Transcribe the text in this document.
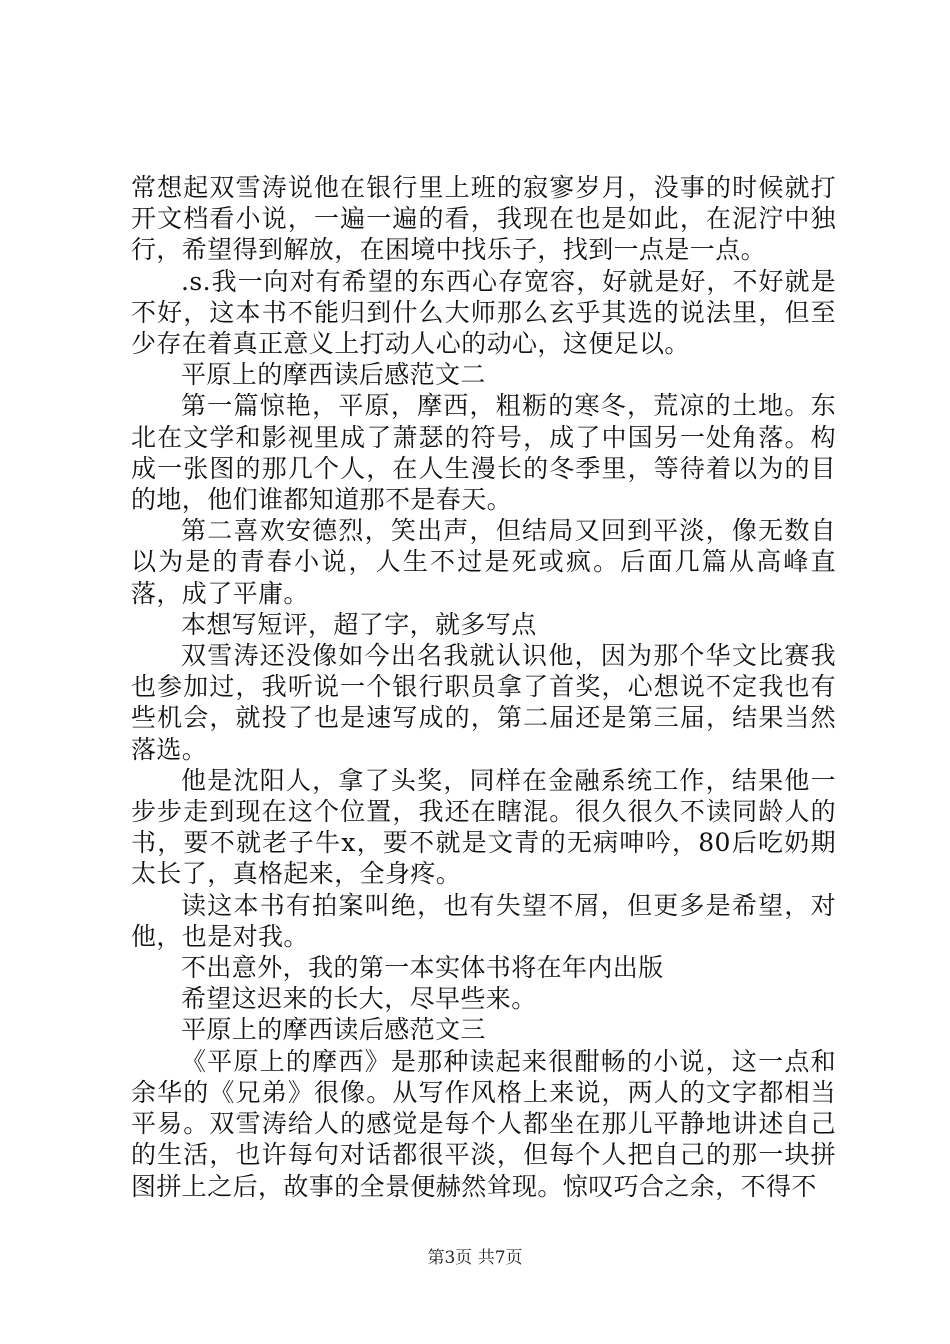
常想起双雪涛说他在银行里上班的寂寥岁月，没事的时候就打开文档看小说，一遍一遍的看，我现在也是如此，在泥泞中独行，希望得到解放，在困境中找乐子，找到一点是一点。

.s.我一向对有希望的东西心存宽容，好就是好，不好就是不好，这本书不能归到什么大师那么玄乎其选的说法里，但至少存在着真正意义上打动人心的动心，这便足以。

平原上的摩西读后感范文二

第一篇惊艳，平原，摩西，粗粝的寒冬，荒凉的土地。东北在文学和影视里成了萧瑟的符号，成了中国另一处角落。构成一张图的那几个人，在人生漫长的冬季里，等待着以为的目的地，他们谁都知道那不是春天。

第二喜欢安德烈，笑出声，但结局又回到平淡，像无数自以为是的青春小说，人生不过是死或疯。后面几篇从高峰直落，成了平庸。

本想写短评，超了字，就多写点

双雪涛还没像如今出名我就认识他，因为那个华文比赛我也参加过，我听说一个银行职员拿了首奖，心想说不定我也有些机会，就投了也是速写成的，第二届还是第三届，结果当然落选。

他是沈阳人，拿了头奖，同样在金融系统工作，结果他一步步走到现在这个位置，我还在瞎混。很久很久不读同龄人的书，要不就老子牛x，要不就是文青的无病呻吟，80后吃奶期太长了，真格起来，全身疼。

读这本书有拍案叫绝，也有失望不屑，但更多是希望，对他，也是对我。

不出意外，我的第一本实体书将在年内出版

希望这迟来的长大，尽早些来。

平原上的摩西读后感范文三

《平原上的摩西》是那种读起来很酣畅的小说，这一点和余华的《兄弟》很像。从写作风格上来说，两人的文字都相当平易。双雪涛给人的感觉是每个人都坐在那儿平静地讲述自己的生活，也许每句对话都很平淡，但每个人把自己的那一块拼图拼上之后，故事的全景便赫然耸现。惊叹巧合之余，不得不

第3页 共7页
